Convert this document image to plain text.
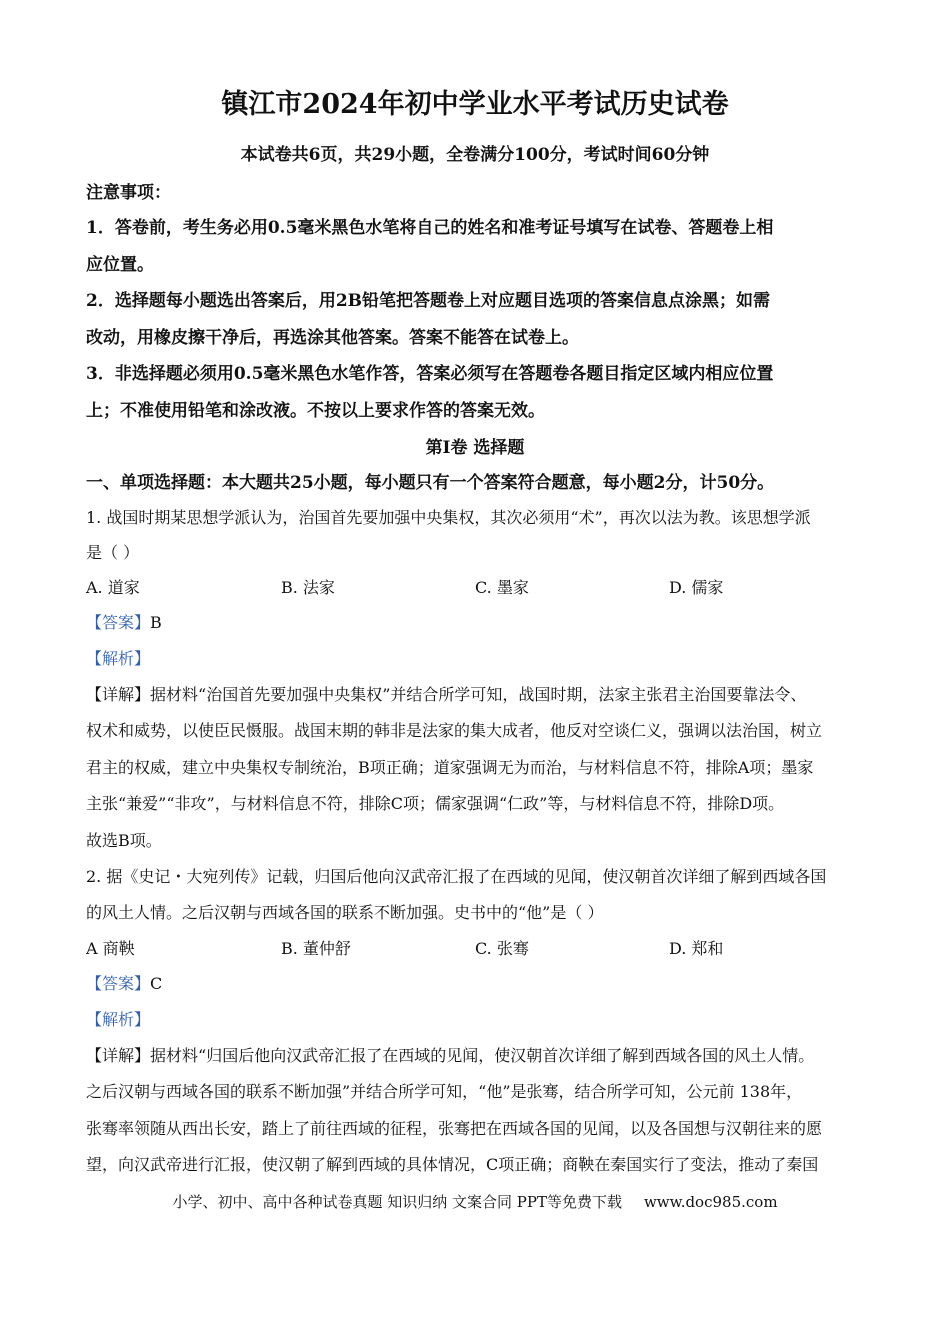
镇江市2024年初中学业水平考试历史试卷
本试卷共6页，共29小题，全卷满分100分，考试时间60分钟
注意事项：
1．答卷前，考生务必用0.5毫米黑色水笔将自己的姓名和准考证号填写在试卷、答题卷上相
应位置。
2．选择题每小题选出答案后，用2B铅笔把答题卷上对应题目选项的答案信息点涂黑；如需
改动，用橡皮擦干净后，再选涂其他答案。答案不能答在试卷上。
3．非选择题必须用0.5毫米黑色水笔作答，答案必须写在答题卷各题目指定区域内相应位置
上；不准使用铅笔和涂改液。不按以上要求作答的答案无效。
第Ⅰ卷 选择题
一、单项选择题：本大题共25小题，每小题只有一个答案符合题意，每小题2分，计50分。
1. 战国时期某思想学派认为，治国首先要加强中央集权，其次必须用“术”，再次以法为教。该思想学派
是（ ）
A. 道家	B. 法家	C. 墨家	D. 儒家
【答案】B
【解析】
【详解】据材料“治国首先要加强中央集权”并结合所学可知，战国时期，法家主张君主治国要靠法令、
权术和威势，以使臣民慑服。战国末期的韩非是法家的集大成者，他反对空谈仁义，强调以法治国，树立
君主的权威，建立中央集权专制统治，B项正确；道家强调无为而治，与材料信息不符，排除A项；墨家
主张“兼爱”“非攻”，与材料信息不符，排除C项；儒家强调“仁政”等，与材料信息不符，排除D项。
故选B项。
2. 据《史记・大宛列传》记载，归国后他向汉武帝汇报了在西域的见闻，使汉朝首次详细了解到西域各国
的风土人情。之后汉朝与西域各国的联系不断加强。史书中的“他”是（ ）
A 商鞅	B. 董仲舒	C. 张骞	D. 郑和
【答案】C
【解析】
【详解】据材料“归国后他向汉武帝汇报了在西域的见闻，使汉朝首次详细了解到西域各国的风土人情。
之后汉朝与西域各国的联系不断加强”并结合所学可知，“他”是张骞，结合所学可知，公元前 138年，
张骞率领随从西出长安，踏上了前往西域的征程，张骞把在西域各国的见闻，以及各国想与汉朝往来的愿
望，向汉武帝进行汇报，使汉朝了解到西域的具体情况，C项正确；商鞅在秦国实行了变法，推动了秦国
小学、初中、高中各种试卷真题 知识归纳 文案合同 PPT等免费下载 www.doc985.com
